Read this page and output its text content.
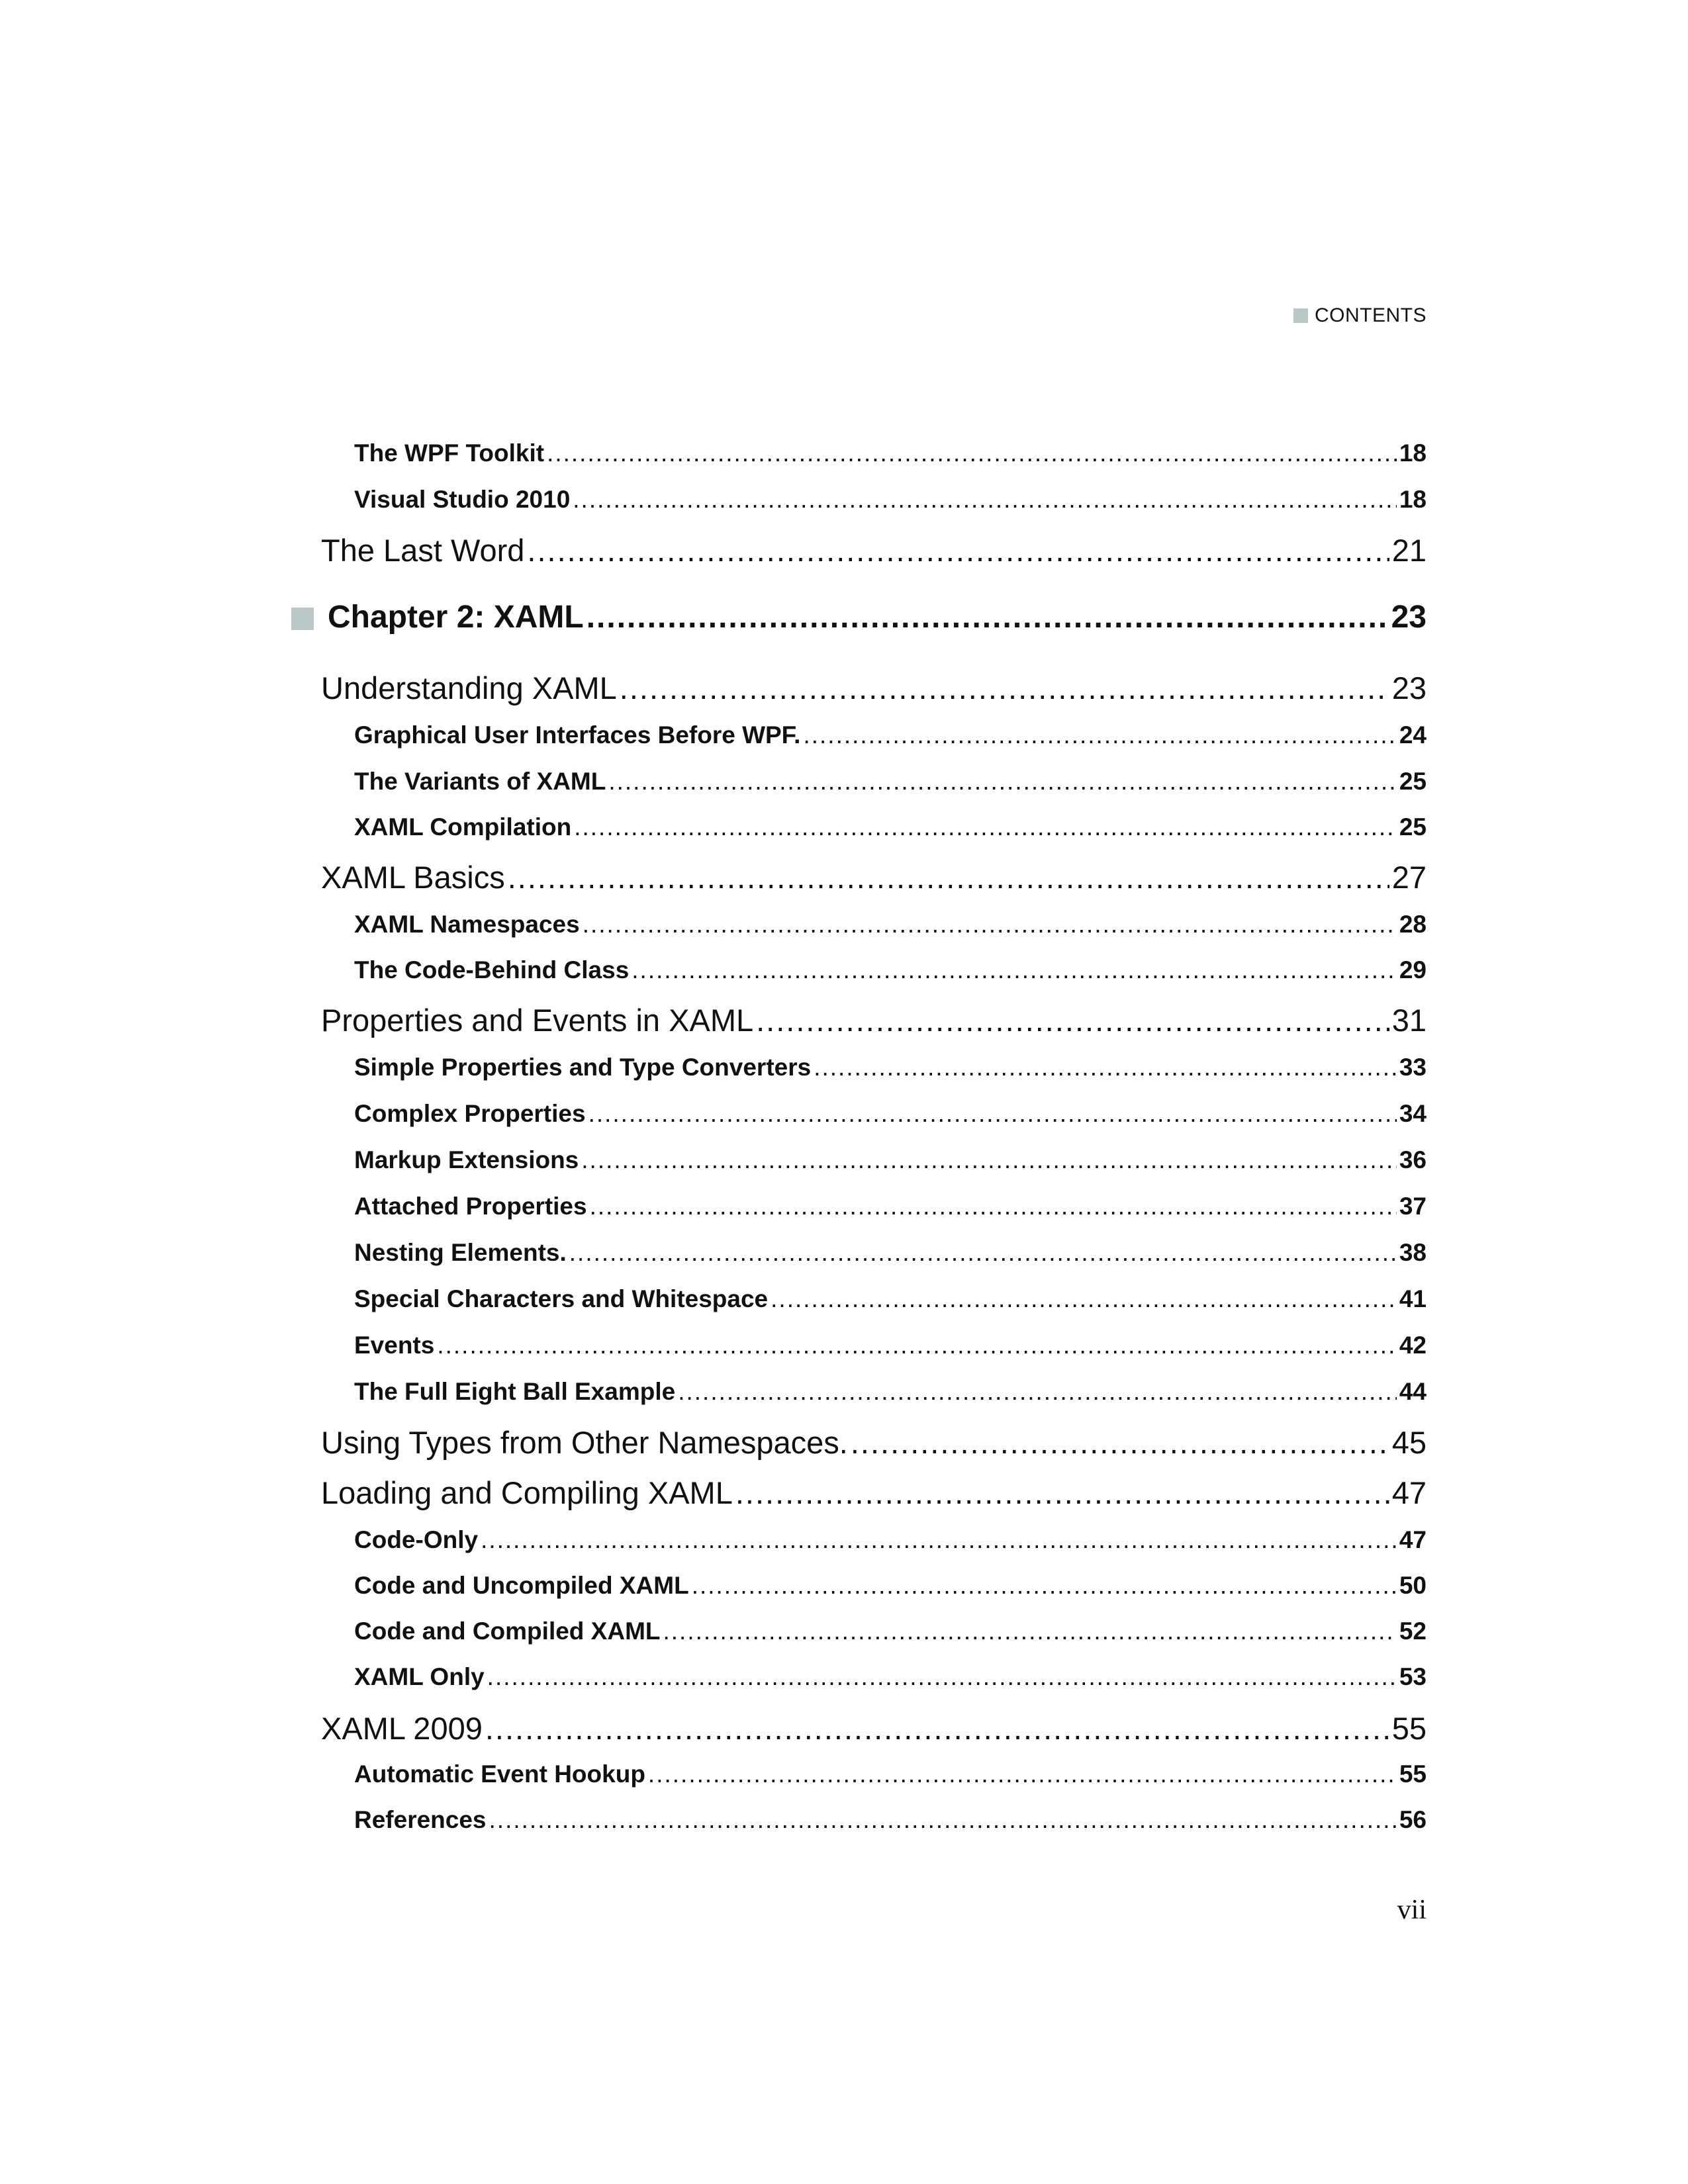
CONTENTS
The WPF Toolkit .....	18
Visual Studio 2010 .....	18
The Last Word .....	21
Chapter 2: XAML .....	23
Understanding XAML .....	23
Graphical User Interfaces Before WPF. .....	24
The Variants of XAML .....	25
XAML Compilation .....	25
XAML Basics .....	27
XAML Namespaces .....	28
The Code-Behind Class .....	29
Properties and Events in XAML .....	31
Simple Properties and Type Converters .....	33
Complex Properties .....	34
Markup Extensions .....	36
Attached Properties .....	37
Nesting Elements. .....	38
Special Characters and Whitespace .....	41
Events .....	42
The Full Eight Ball Example .....	44
Using Types from Other Namespaces. .....	45
Loading and Compiling XAML .....	47
Code-Only .....	47
Code and Uncompiled XAML .....	50
Code and Compiled XAML .....	52
XAML Only .....	53
XAML 2009 .....	55
Automatic Event Hookup .....	55
References .....	56
vii
